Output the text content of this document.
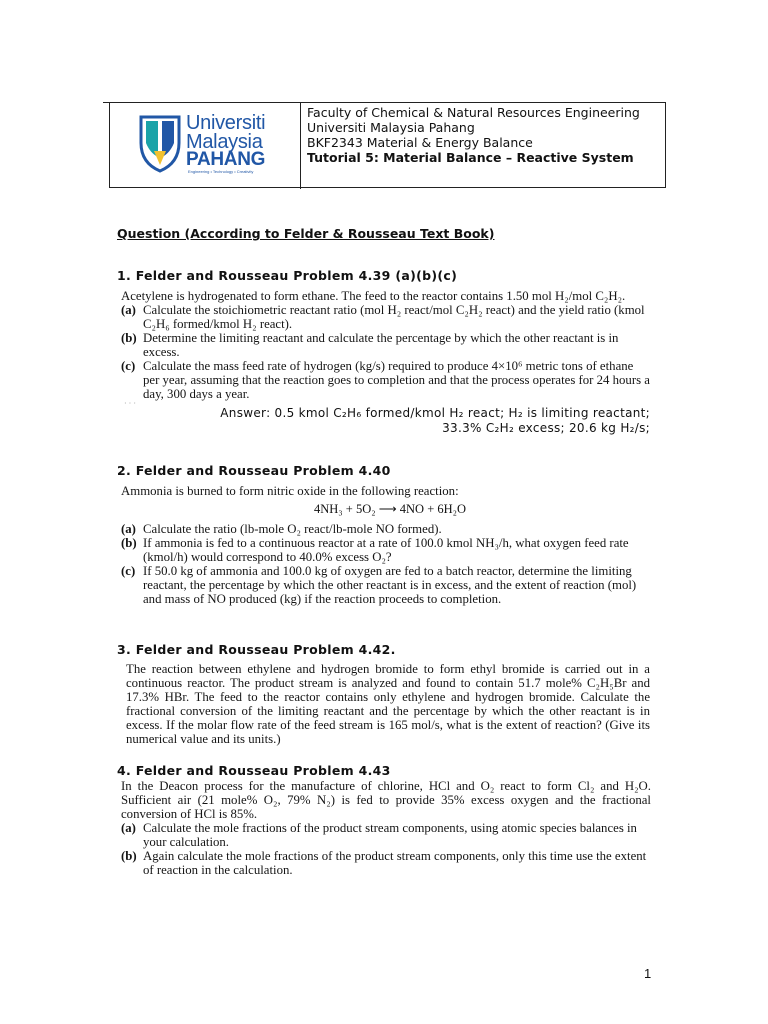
Universiti
Malaysia
PAHANG
Engineering • Technology • Creativity
Faculty of Chemical & Natural Resources Engineering
Universiti Malaysia Pahang
BKF2343 Material & Energy Balance
Tutorial 5: Material Balance – Reactive System
Question (According to Felder & Rousseau Text Book)
1. Felder and Rousseau Problem 4.39 (a)(b)(c)

Acetylene is hydrogenated to form ethane. The feed to the reactor contains 1.50 mol H₂/mol C₂H₂.

(a) Calculate the stoichiometric reactant ratio (mol H₂ react/mol C₂H₂ react) and the yield ratio (kmol C₂H₆ formed/kmol H₂ react).
(b) Determine the limiting reactant and calculate the percentage by which the other reactant is in excess.
(c) Calculate the mass feed rate of hydrogen (kg/s) required to produce 4×10⁶ metric tons of ethane per year, assuming that the reaction goes to completion and that the process operates for 24 hours a day, 300 days a year.
· · ·
Answer: 0.5 kmol C₂H₆ formed/kmol H₂ react; H₂ is limiting reactant;
33.3% C₂H₂ excess; 20.6 kg H₂/s;
2. Felder and Rousseau Problem 4.40

Ammonia is burned to form nitric oxide in the following reaction:

4NH₃ + 5O₂ ⟶ 4NO + 6H₂O
(a) Calculate the ratio (lb-mole O₂ react/lb-mole NO formed).
(b) If ammonia is fed to a continuous reactor at a rate of 100.0 kmol NH₃/h, what oxygen feed rate (kmol/h) would correspond to 40.0% excess O₂?
(c) If 50.0 kg of ammonia and 100.0 kg of oxygen are fed to a batch reactor, determine the limiting reactant, the percentage by which the other reactant is in excess, and the extent of reaction (mol) and mass of NO produced (kg) if the reaction proceeds to completion.
3. Felder and Rousseau Problem 4.42.

The reaction between ethylene and hydrogen bromide to form ethyl bromide is carried out in a continuous reactor. The product stream is analyzed and found to contain 51.7 mole% C₂H₅Br and 17.3% HBr. The feed to the reactor contains only ethylene and hydrogen bromide. Calculate the fractional conversion of the limiting reactant and the percentage by which the other reactant is in excess. If the molar flow rate of the feed stream is 165 mol/s, what is the extent of reaction? (Give its numerical value and its units.)

4. Felder and Rousseau Problem 4.43

In the Deacon process for the manufacture of chlorine, HCl and O₂ react to form Cl₂ and H₂O. Sufficient air (21 mole% O₂, 79% N₂) is fed to provide 35% excess oxygen and the fractional conversion of HCl is 85%.

(a) Calculate the mole fractions of the product stream components, using atomic species balances in your calculation.
(b) Again calculate the mole fractions of the product stream components, only this time use the extent of reaction in the calculation.
1
